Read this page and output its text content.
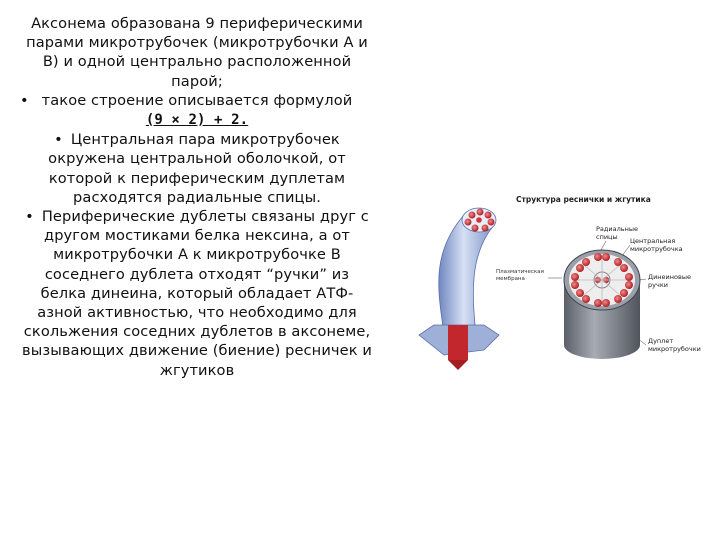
Аксонема образована 9 периферическими парами микротрубочек (микротрубочки А и В) и одной центрально расположенной парой;

• такое строение описывается формулой

(9 × 2) + 2.

• Центральная пара микротрубочек окружена центральной оболочкой, от которой к периферическим дуплетам расходятся радиальные спицы.

• Периферические дублеты связаны друг с другом мостиками белка нексина, а от микротрубочки А к микротрубочке В соседнего дублета отходят “ручки” из белка динеина, который обладает АТФ-азной активностью, что необходимо для скольжения соседних дублетов в аксонеме, вызывающих движение (биение) ресничек и жгутиков

Структура реснички и жгутика
Радиальные спицы	Центральная микротрубочка
Плазматическая мембрана	Динеиновые ручки
Дуплет микротрубочки
